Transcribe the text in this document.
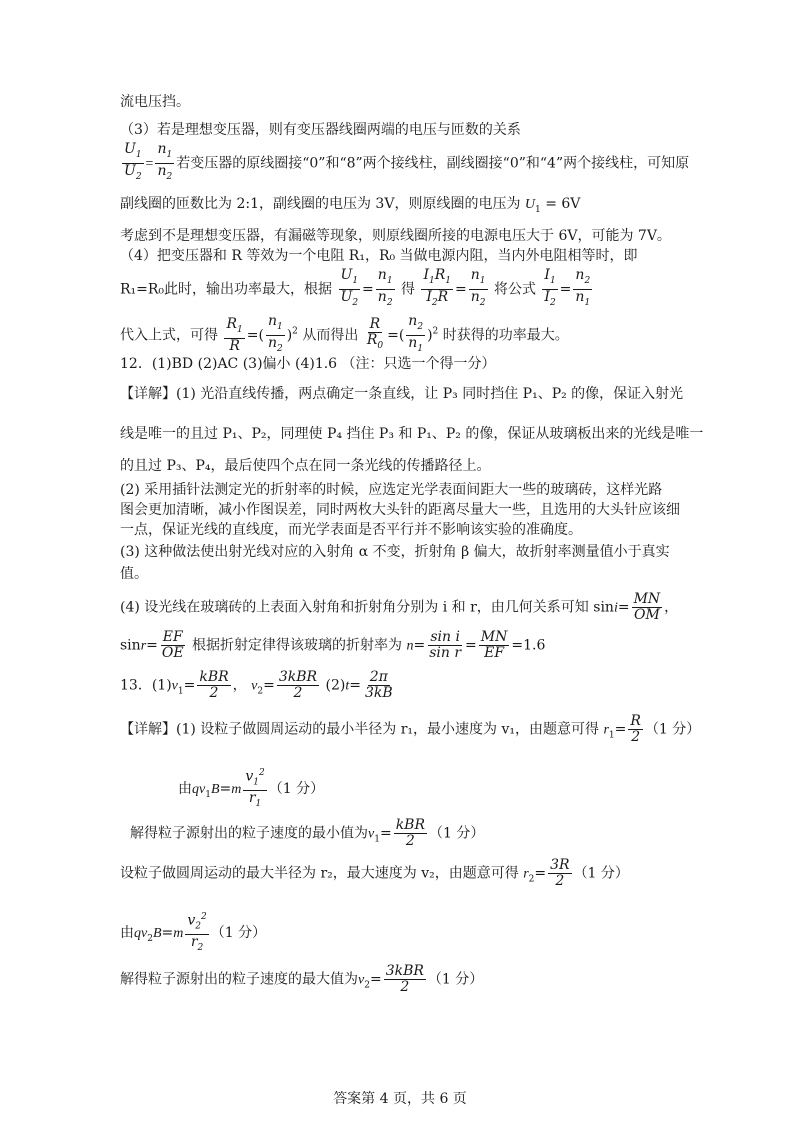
流电压挡。
（3）若是理想变压器，则有变压器线圈两端的电压与匝数的关系
$\frac{U_1}{U_2} = \frac{n_1}{n_2}$ 若变压器的原线圈接“0”和“8”两个接线柱，副线圈接“0”和“4”两个接线柱，可知原
副线圈的匝数比为 2:1，副线圈的电压为 3V，则原线圈的电压为 $U_1 = 6V$
考虑到不是理想变压器，有漏磁等现象，则原线圈所接的电源电压大于 6V，可能为 7V。
（4）把变压器和 R 等效为一个电阻 R₁，R₀ 当做电源内阻，当内外电阻相等时，即
R₁=R₀此时，输出功率最大，根据 $\frac{U_1}{U_2} = \frac{n_1}{n_2}$ 得 $\frac{I_1R_1}{I_2R} = \frac{n_1}{n_2}$ 将公式 $\frac{I_1}{I_2} = \frac{n_2}{n_1}$
代入上式，可得 $\frac{R_1}{R}$ =( $\frac{n_1}{n_2} )^2$ 从而得出 $\frac{R}{R_0}$ =( $\frac{n_2}{n_1} )^2$ 时获得的功率最大。
12．(1)BD (2)AC (3)偏小 (4)1.6 （注：只选一个得一分）
【详解】(1) 光沿直线传播，两点确定一条直线，让 P₃ 同时挡住 P₁、P₂ 的像，保证入射光
线是唯一的且过 P₁、P₂，同理使 P₄ 挡住 P₃ 和 P₁、P₂ 的像，保证从玻璃板出来的光线是唯一
的且过 P₃、P₄，最后使四个点在同一条光线的传播路径上。
(2) 采用插针法测定光的折射率的时候，应选定光学表面间距大一些的玻璃砖，这样光路
图会更加清晰，减小作图误差，同时两枚大头针的距离尽量大一些，且选用的大头针应该细
一点，保证光线的直线度，而光学表面是否平行并不影响该实验的准确度。
(3) 这种做法使出射光线对应的入射角 α 不变，折射角 β 偏大，故折射率测量值小于真实
值。
(4) 设光线在玻璃砖的上表面入射角和折射角分别为 i 和 r，由几何关系可知 $\sin i= \frac{MN}{OM}$ ，
$\sin r= \frac{EF}{OE}$ 根据折射定律得该玻璃的折射率为 $n= \frac{\text{sin i}}{\text{sin r}} = \frac{MN}{EF} =1.6$
13．$(1)v_1= \frac{\text{kBR}}{2}$ ， $v_2= \frac{\text{3kBR}}{2} (2)t= \frac{2\pi}{3kB}$
【详解】(1) 设粒子做圆周运动的最小半径为 r₁，最小速度为 v₁，由题意可得 $r_1= \frac{R}{2} (1$ 分）
由$qv_1B=m \frac{v_1^2}{r_1} (1$ 分）
解得粒子源射出的粒子速度的最小值为$v_1= \frac{\text{kBR}}{2} (1$ 分）
设粒子做圆周运动的最大半径为 r₂，最大速度为 v₂，由题意可得 $r_2= \frac{3R}{2} (1$ 分）
由$qv_2B=m \frac{v_2^2}{r_2} (1$ 分）
解得粒子源射出的粒子速度的最大值为$v_2= \frac{\text{3kBR}}{2} (1$ 分）
答案第 4 页，共 6 页
